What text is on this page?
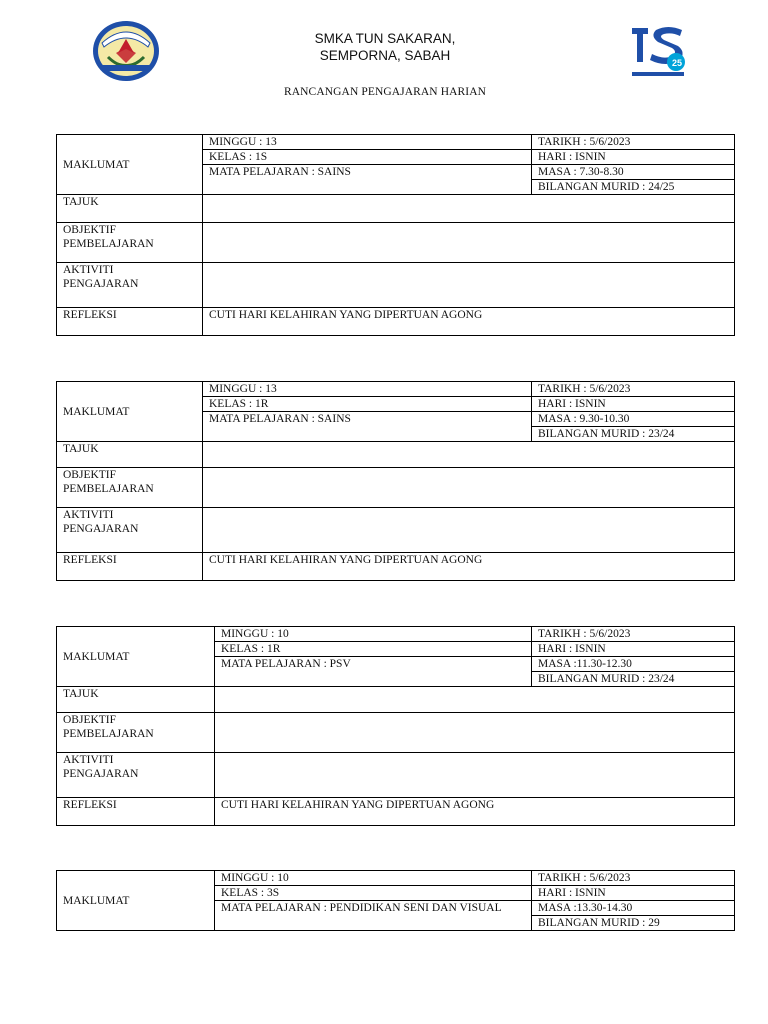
25
SMKA TUN SAKARAN,
SEMPORNA, SABAH
RANCANGAN PENGAJARAN HARIAN
MAKLUMAT	MINGGU : 13	TARIKH : 5/6/2023
	KELAS : 1S	HARI : ISNIN
	MATA PELAJARAN : SAINS	MASA : 7.30-8.30
		BILANGAN MURID : 24/25
TAJUK		

OBJEKTIF
PEMBELAJARAN		

AKTIVITI
PENGAJARAN		

REFLEKSI	CUTI HARI KELAHIRAN YANG DIPERTUAN AGONG	
MAKLUMAT	MINGGU : 13	TARIKH : 5/6/2023
	KELAS : 1R	HARI : ISNIN
	MATA PELAJARAN : SAINS	MASA : 9.30-10.30
		BILANGAN MURID : 23/24
TAJUK		

OBJEKTIF
PEMBELAJARAN		

AKTIVITI
PENGAJARAN		

REFLEKSI	CUTI HARI KELAHIRAN YANG DIPERTUAN AGONG	
MAKLUMAT	MINGGU : 10	TARIKH : 5/6/2023
	KELAS : 1R	HARI : ISNIN
	MATA PELAJARAN : PSV	MASA :11.30-12.30
		BILANGAN MURID : 23/24
TAJUK		

OBJEKTIF
PEMBELAJARAN		

AKTIVITI
PENGAJARAN		

REFLEKSI	CUTI HARI KELAHIRAN YANG DIPERTUAN AGONG	
MAKLUMAT	MINGGU : 10	TARIKH : 5/6/2023
	KELAS : 3S	HARI : ISNIN
	MATA PELAJARAN : PENDIDIKAN SENI DAN VISUAL	MASA :13.30-14.30
		BILANGAN MURID : 29
